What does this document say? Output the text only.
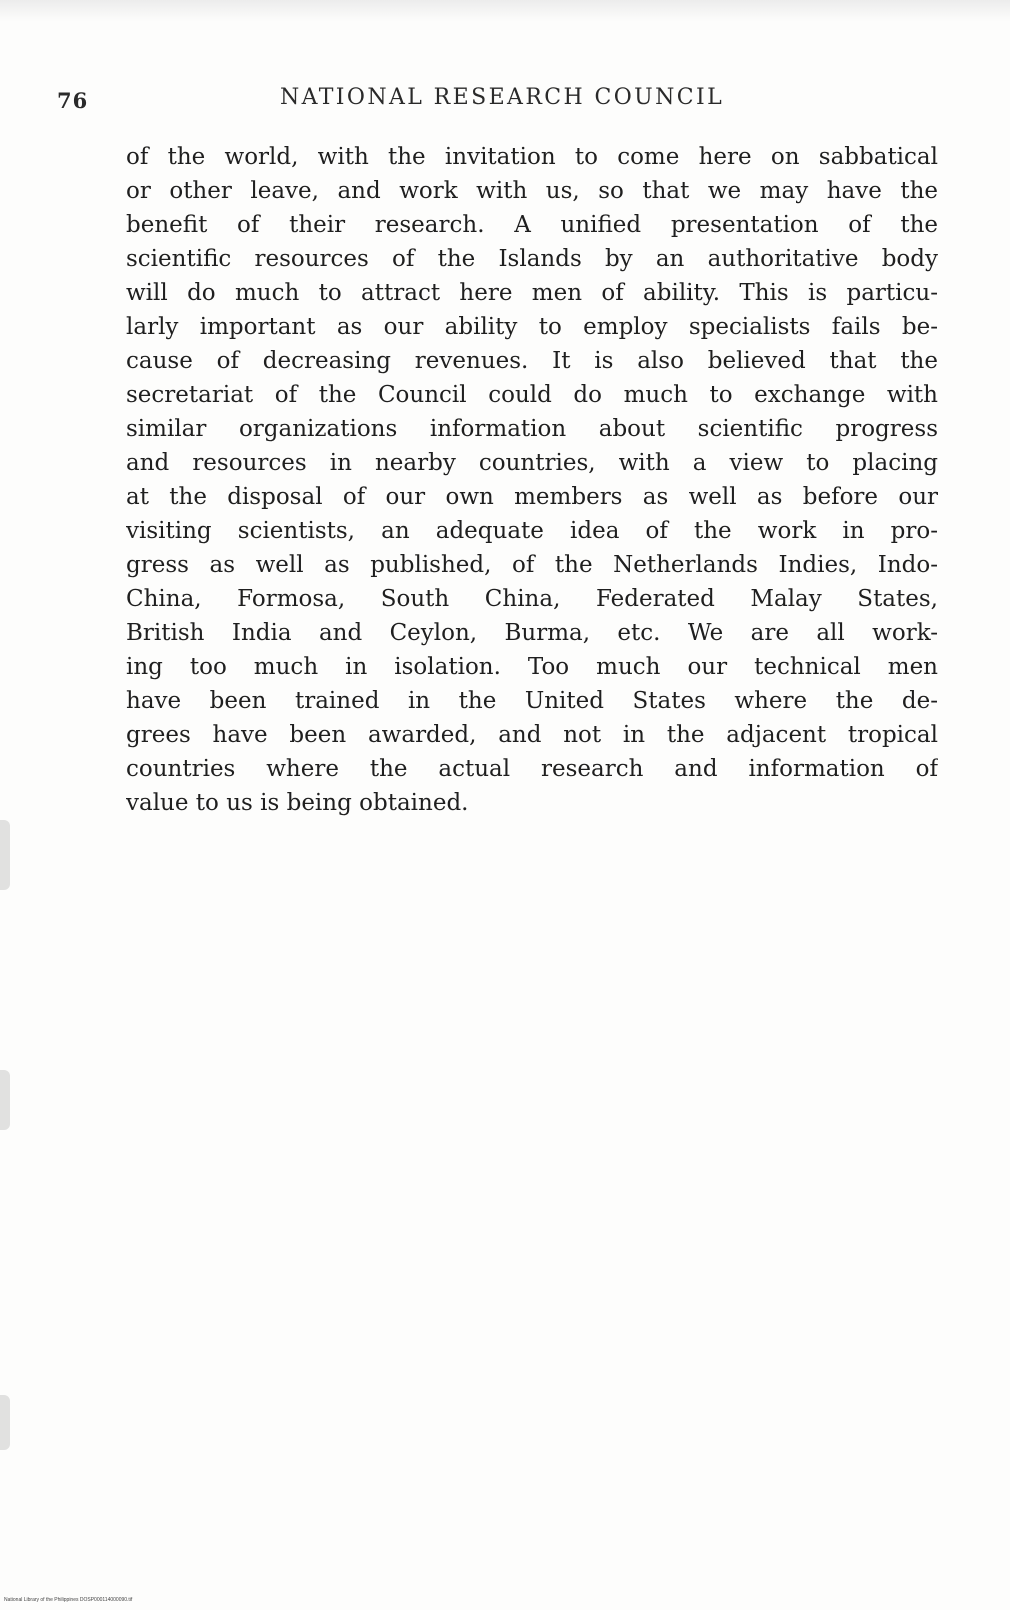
76	NATIONAL RESEARCH COUNCIL
of the world, with the invitation to come here on sabbatical
or other leave, and work with us, so that we may have the
benefit of their research. A unified presentation of the
scientific resources of the Islands by an authoritative body
will do much to attract here men of ability. This is particu-
larly important as our ability to employ specialists fails be-
cause of decreasing revenues. It is also believed that the
secretariat of the Council could do much to exchange with
similar organizations information about scientific progress
and resources in nearby countries, with a view to placing
at the disposal of our own members as well as before our
visiting scientists, an adequate idea of the work in pro-
gress as well as published, of the Netherlands Indies, Indo-
China, Formosa, South China, Federated Malay States,
British India and Ceylon, Burma, etc. We are all work-
ing too much in isolation. Too much our technical men
have been trained in the United States where the de-
grees have been awarded, and not in the adjacent tropical
countries where the actual research and information of
value to us is being obtained.
National Library of the Philippines DOSP000114000090.tif
